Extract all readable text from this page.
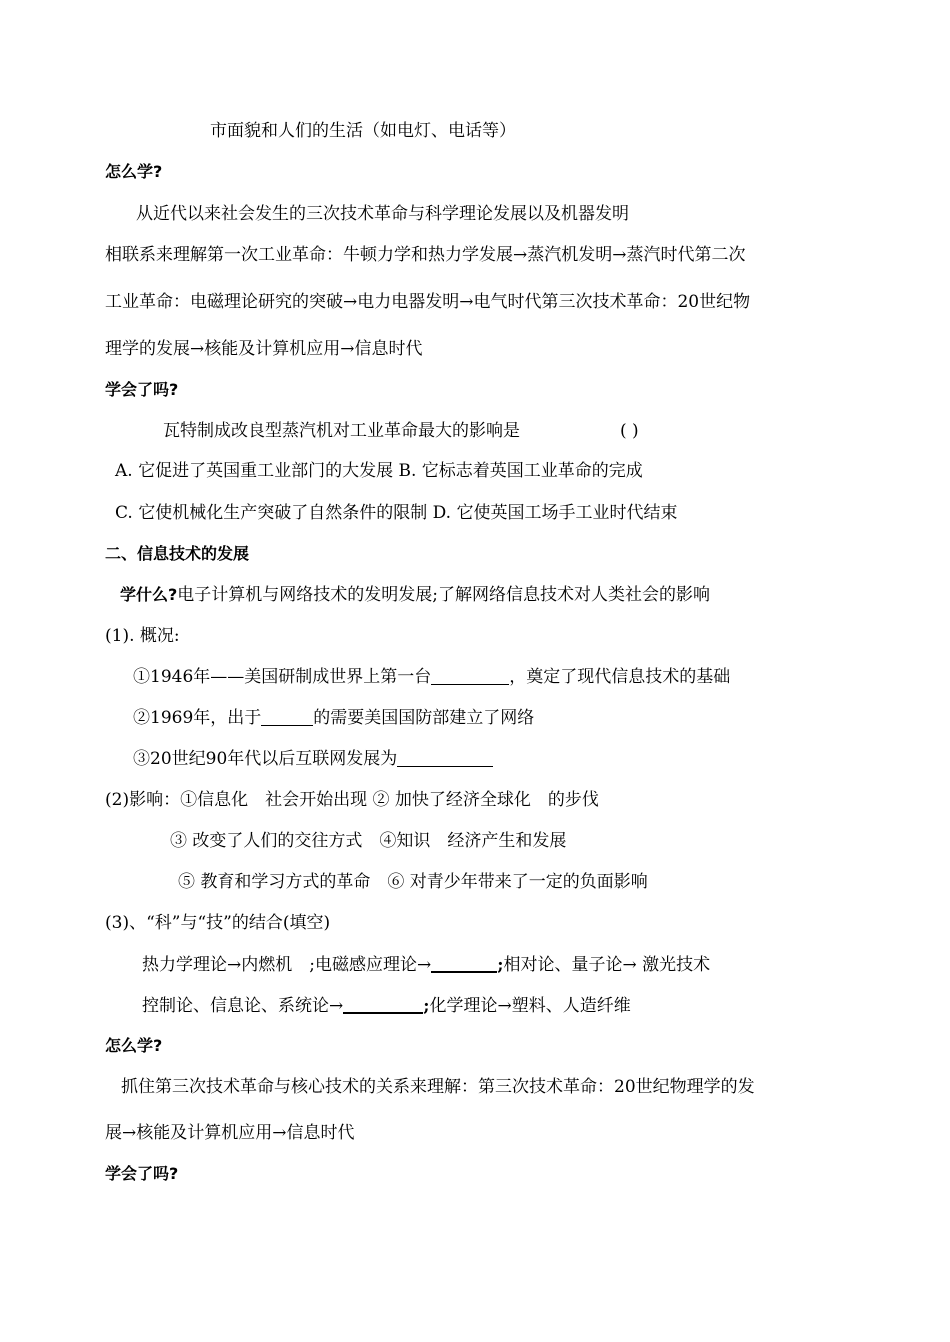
市面貌和人们的生活（如电灯、电话等）
怎么学?
从近代以来社会发生的三次技术革命与科学理论发展以及机器发明
相联系来理解第一次工业革命：牛顿力学和热力学发展→蒸汽机发明→蒸汽时代第二次
工业革命：电磁理论研究的突破→电力电器发明→电气时代第三次技术革命：20世纪物
理学的发展→核能及计算机应用→信息时代
学会了吗?
瓦特制成改良型蒸汽机对工业革命最大的影响是	( )
A. 它促进了英国重工业部门的大发展 B. 它标志着英国工业革命的完成
C. 它使机械化生产突破了自然条件的限制 D. 它使英国工场手工业时代结束
二、信息技术的发展
学什么?电子计算机与网络技术的发明发展;了解网络信息技术对人类社会的影响
(1). 概况:
①1946年——美国研制成世界上第一台	，奠定了现代信息技术的基础
②1969年，出于	的需要美国国防部建立了网络
③20世纪90年代以后互联网发展为
(2)影响：①信息化　社会开始出现 ② 加快了经济全球化　的步伐
③ 改变了人们的交往方式　④知识　经济产生和发展
⑤ 教育和学习方式的革命　⑥ 对青少年带来了一定的负面影响
(3)、“科”与“技”的结合(填空)
热力学理论→内燃机　;电磁感应理论→	;相对论、量子论→ 激光技术
控制论、信息论、系统论→	;化学理论→塑料、人造纤维
怎么学?
抓住第三次技术革命与核心技术的关系来理解：第三次技术革命：20世纪物理学的发
展→核能及计算机应用→信息时代
学会了吗?
